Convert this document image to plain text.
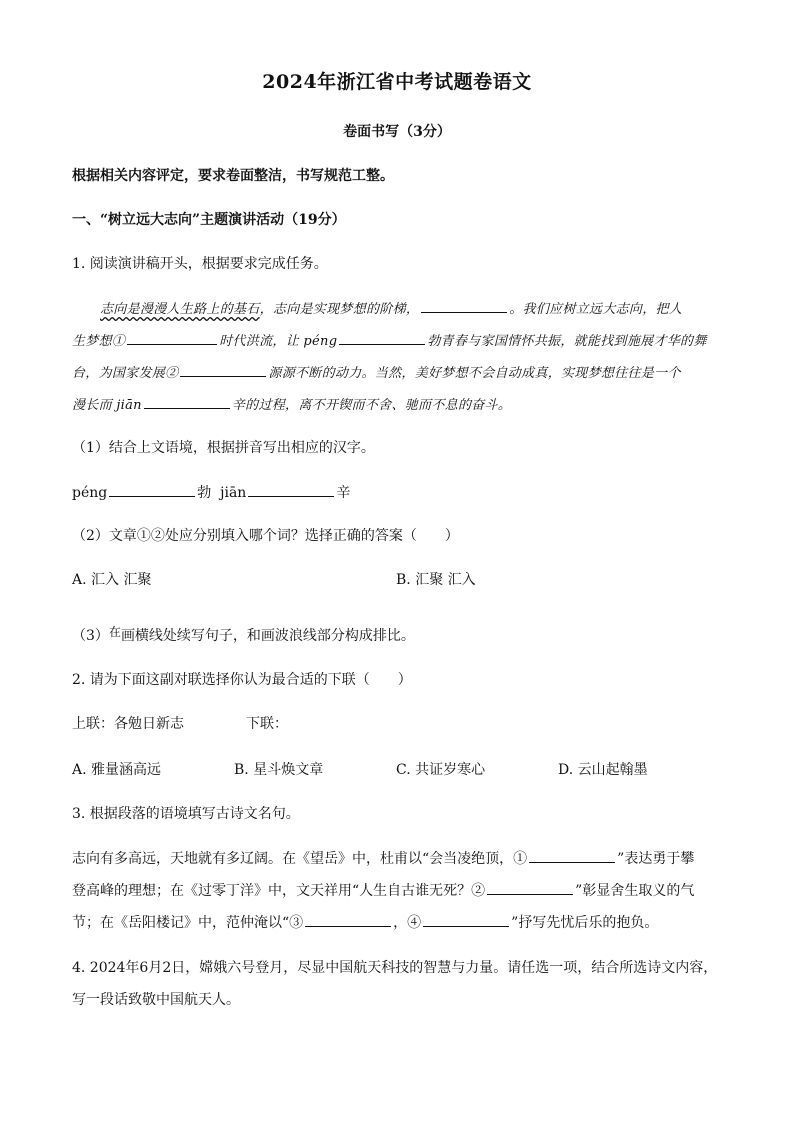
2024年浙江省中考试题卷语文
卷面书写（3分）
根据相关内容评定，要求卷面整洁，书写规范工整。
一、“树立远大志向”主题演讲活动（19分）
1. 阅读演讲稿开头，根据要求完成任务。
志向是漫漫人生路上的基石，志向是实现梦想的阶梯，	。我们应树立远大志向，把人
生梦想①	时代洪流，让 péng	勃青春与家国情怀共振，就能找到施展才华的舞
台，为国家发展②	源源不断的动力。当然，美好梦想不会自动成真，实现梦想往往是一个
漫长而 jiān	辛的过程，离不开锲而不舍、驰而不息的奋斗。
（1）结合上文语境，根据拼音写出相应的汉字。
péng	勃 jiān	辛
（2）文章①②处应分别填入哪个词？选择正确的答案（　　）
A. 汇入 汇聚	B. 汇聚 汇入
（3）在画横线处续写句子，和画波浪线部分构成排比。
2. 请为下面这副对联选择你认为最合适的下联（　　）
上联：各勉日新志	下联：
A. 雅量涵高远	B. 星斗焕文章	C. 共证岁寒心	D. 云山起翰墨
3. 根据段落的语境填写古诗文名句。
志向有多高远，天地就有多辽阔。在《望岳》中，杜甫以“会当凌绝顶，①	”表达勇于攀
登高峰的理想；在《过零丁洋》中，文天祥用“人生自古谁无死？②	”彰显舍生取义的气
节；在《岳阳楼记》中，范仲淹以“③	，④	”抒写先忧后乐的抱负。
4. 2024年6月2日，嫦娥六号登月，尽显中国航天科技的智慧与力量。请任选一项，结合所选诗文内容，
写一段话致敬中国航天人。
